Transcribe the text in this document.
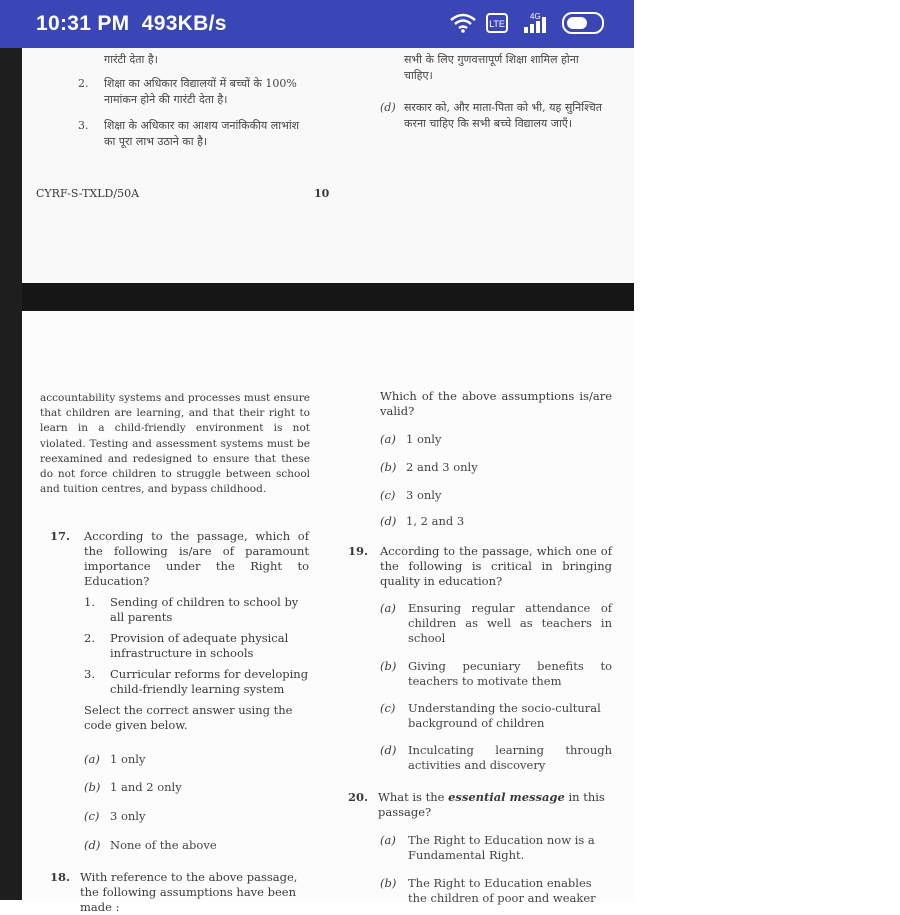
10:31 PM 493KB/s	LTE
4G
गारंटी देता है।
2. शिक्षा का अधिकार विद्यालयों में बच्चों के 100% नामांकन होने की गारंटी देता है।
3. शिक्षा के अधिकार का आशय जनांकिकीय लाभांश का पूरा लाभ उठाने का है।
सभी के लिए गुणवत्तापूर्ण शिक्षा शामिल होना चाहिए।
(d) सरकार को, और माता-पिता को भी, यह सुनिश्चित करना चाहिए कि सभी बच्चे विद्यालय जाएँ।
CYRF-S-TXLD/50A	10
accountability systems and processes must ensure that children are learning, and that their right to learn in a child-friendly environment is not violated. Testing and assessment systems must be reexamined and redesigned to ensure that these do not force children to struggle between school and tuition centres, and bypass childhood.
17. According to the passage, which of the following is/are of paramount importance under the Right to Education?
1. Sending of children to school by all parents
2. Provision of adequate physical infrastructure in schools
3. Curricular reforms for developing child-friendly learning system
Select the correct answer using the code given below.
(a) 1 only
(b) 1 and 2 only
(c) 3 only
(d) None of the above
18. With reference to the above passage, the following assumptions have been made :
Which of the above assumptions is/are valid?
(a) 1 only
(b) 2 and 3 only
(c) 3 only
(d) 1, 2 and 3
19. According to the passage, which one of the following is critical in bringing quality in education?
(a) Ensuring regular attendance of children as well as teachers in school
(b) Giving pecuniary benefits to teachers to motivate them
(c) Understanding the socio-cultural background of children
(d) Inculcating learning through activities and discovery
20. What is the essential message in this passage?
(a) The Right to Education now is a Fundamental Right.
(b) The Right to Education enables the children of poor and weaker
